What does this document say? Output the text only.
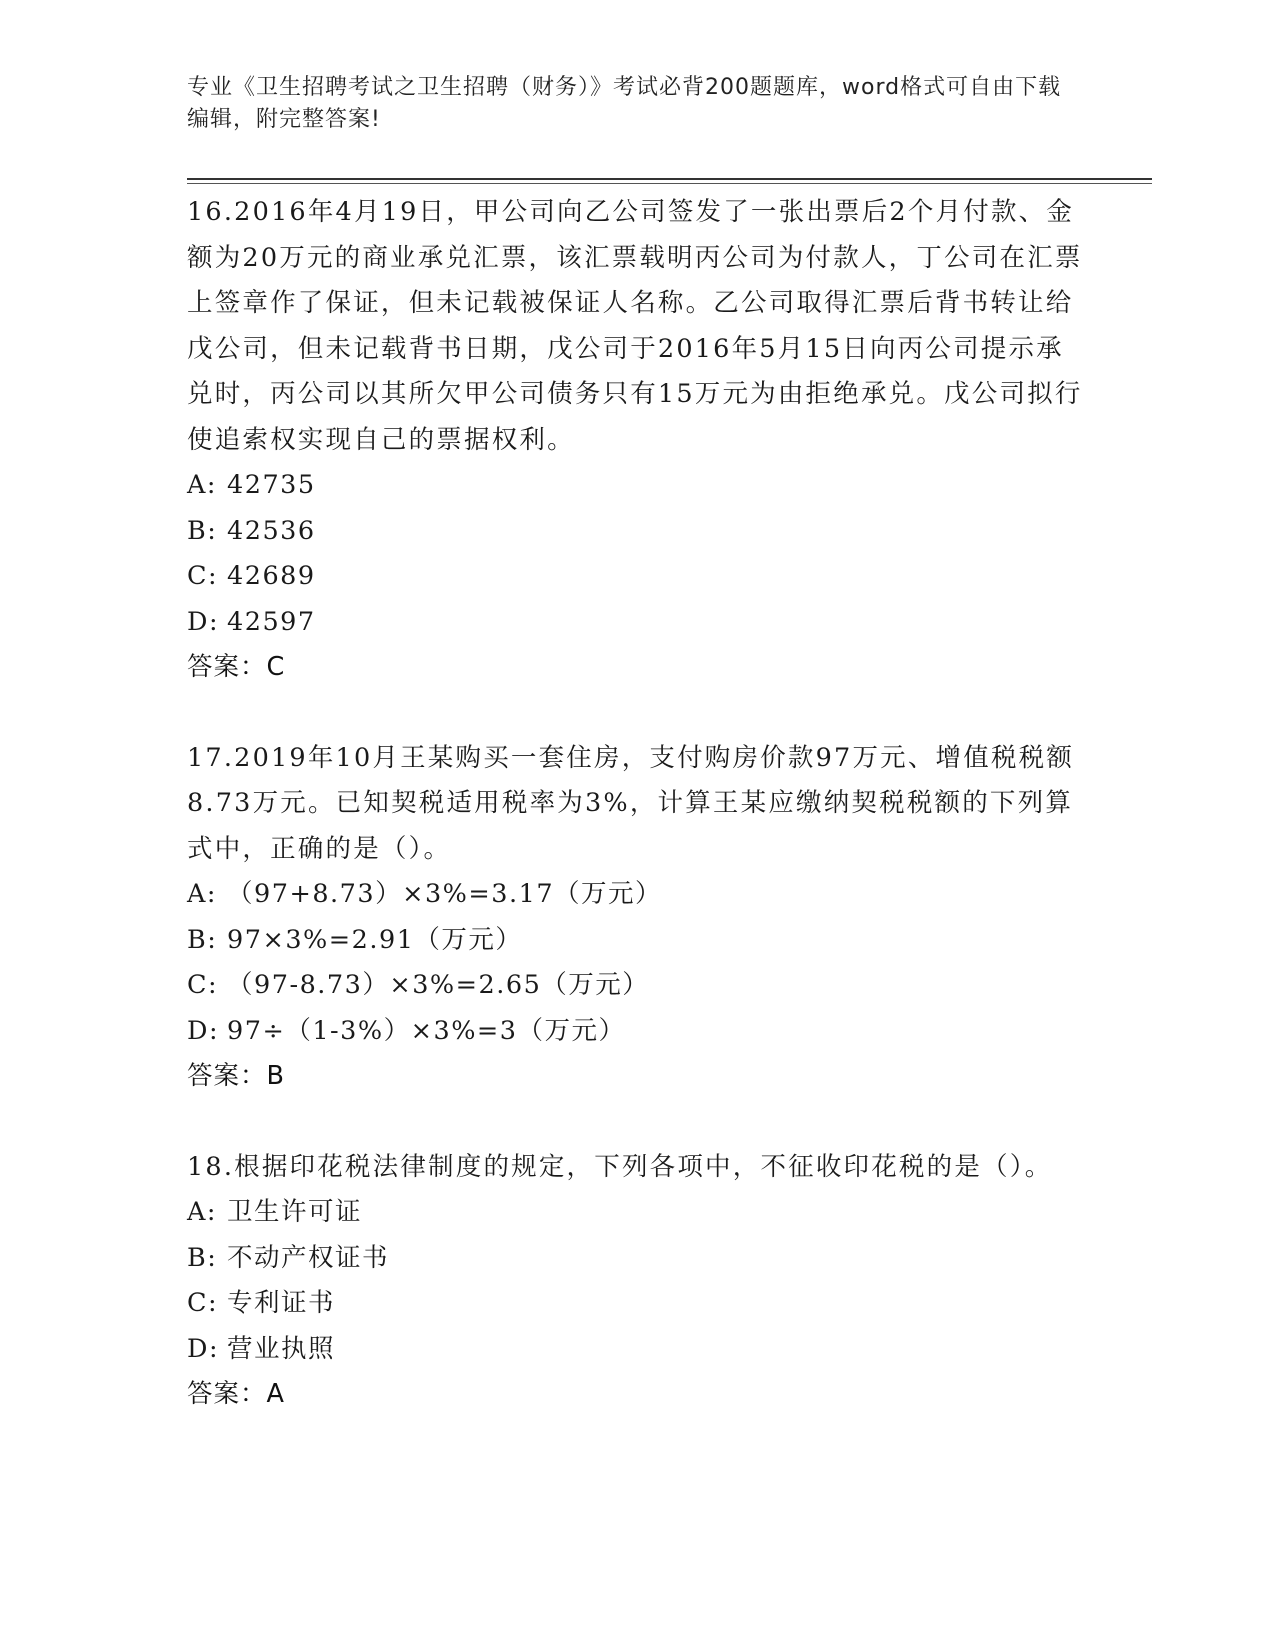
专业《卫生招聘考试之卫生招聘（财务）》考试必背200题题库，word格式可自由下载编辑，附完整答案!

16.2016年4月19日，甲公司向乙公司签发了一张出票后2个月付款、金额为20万元的商业承兑汇票，该汇票载明丙公司为付款人，丁公司在汇票上签章作了保证，但未记载被保证人名称。乙公司取得汇票后背书转让给戊公司，但未记载背书日期，戊公司于2016年5月15日向丙公司提示承兑时，丙公司以其所欠甲公司债务只有15万元为由拒绝承兑。戊公司拟行使追索权实现自己的票据权利。

A: 42735

B: 42536

C: 42689

D: 42597

答案：C

17.2019年10月王某购买一套住房，支付购房价款97万元、增值税税额8.73万元。已知契税适用税率为3%，计算王某应缴纳契税税额的下列算式中，正确的是（）。

A: （97+8.73）×3%=3.17（万元）

B: 97×3%=2.91（万元）

C: （97-8.73）×3%=2.65（万元）

D: 97÷（1-3%）×3%=3（万元）

答案：B

18.根据印花税法律制度的规定，下列各项中，不征收印花税的是（）。

A: 卫生许可证

B: 不动产权证书

C: 专利证书

D: 营业执照

答案：A
